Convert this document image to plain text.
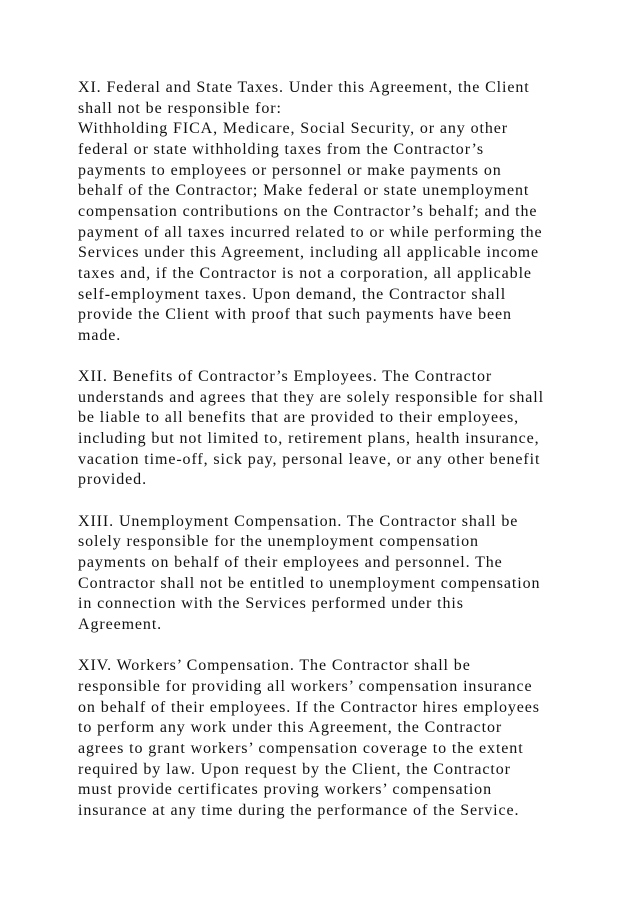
XI. Federal and State Taxes. Under this Agreement, the Client
shall not be responsible for:
Withholding FICA, Medicare, Social Security, or any other
federal or state withholding taxes from the Contractor’s
payments to employees or personnel or make payments on
behalf of the Contractor; Make federal or state unemployment
compensation contributions on the Contractor’s behalf; and the
payment of all taxes incurred related to or while performing the
Services under this Agreement, including all applicable income
taxes and, if the Contractor is not a corporation, all applicable
self-employment taxes. Upon demand, the Contractor shall
provide the Client with proof that such payments have been
made.
XII. Benefits of Contractor’s Employees. The Contractor
understands and agrees that they are solely responsible for shall
be liable to all benefits that are provided to their employees,
including but not limited to, retirement plans, health insurance,
vacation time-off, sick pay, personal leave, or any other benefit
provided.
XIII. Unemployment Compensation. The Contractor shall be
solely responsible for the unemployment compensation
payments on behalf of their employees and personnel. The
Contractor shall not be entitled to unemployment compensation
in connection with the Services performed under this
Agreement.
XIV. Workers’ Compensation. The Contractor shall be
responsible for providing all workers’ compensation insurance
on behalf of their employees. If the Contractor hires employees
to perform any work under this Agreement, the Contractor
agrees to grant workers’ compensation coverage to the extent
required by law. Upon request by the Client, the Contractor
must provide certificates proving workers’ compensation
insurance at any time during the performance of the Service.
